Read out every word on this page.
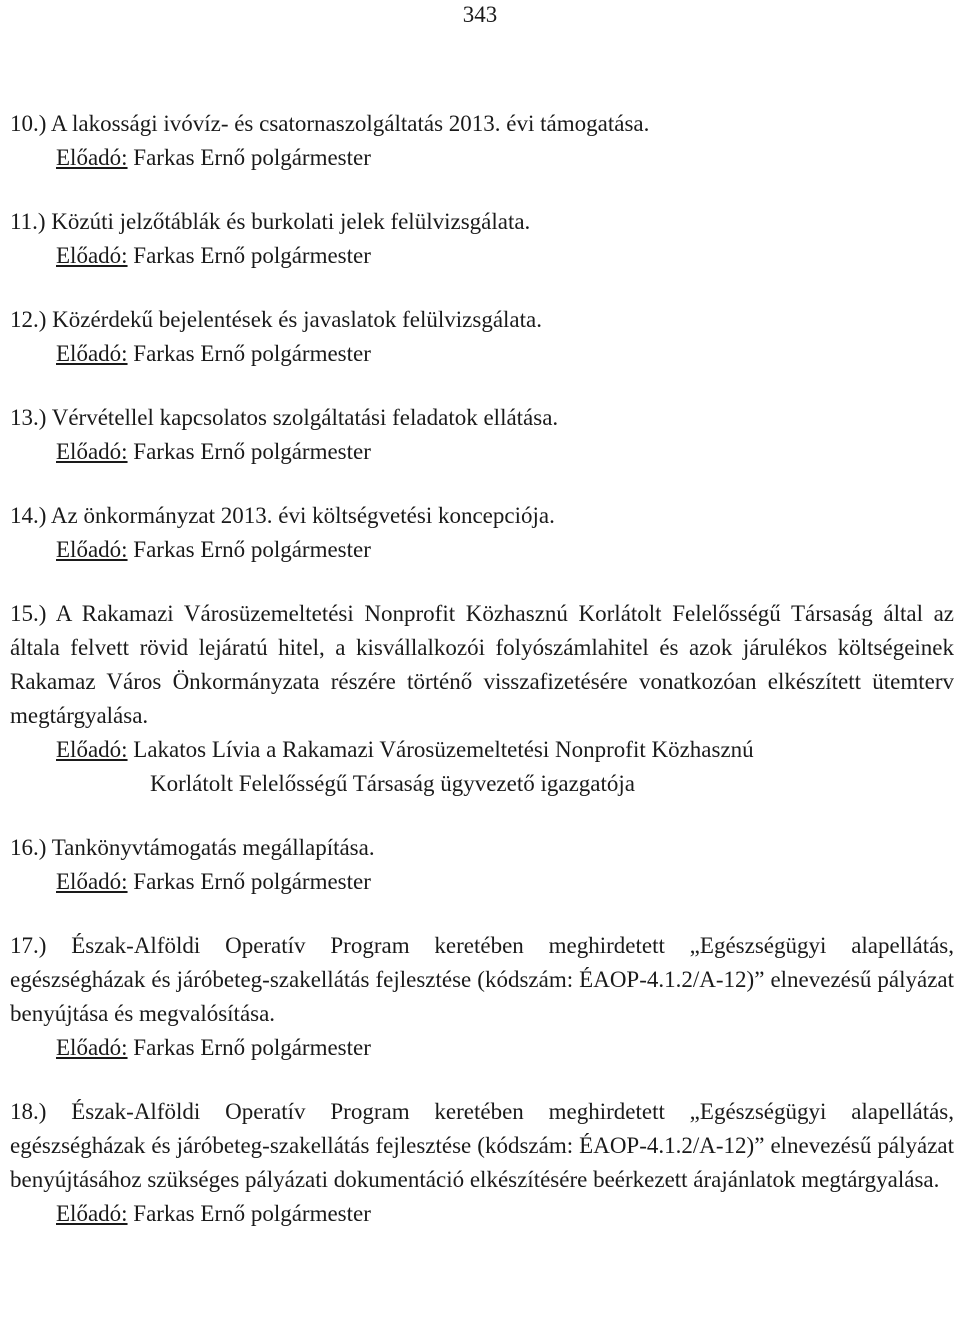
343
10.) A lakossági ivóvíz- és csatornaszolgáltatás 2013. évi támogatása.
Előadó: Farkas Ernő polgármester
11.) Közúti jelzőtáblák és burkolati jelek felülvizsgálata.
Előadó: Farkas Ernő polgármester
12.) Közérdekű bejelentések és javaslatok felülvizsgálata.
Előadó: Farkas Ernő polgármester
13.) Vérvétellel kapcsolatos szolgáltatási feladatok ellátása.
Előadó: Farkas Ernő polgármester
14.) Az önkormányzat 2013. évi költségvetési koncepciója.
Előadó: Farkas Ernő polgármester
15.) A Rakamazi Városüzemeltetési Nonprofit Közhasznú Korlátolt Felelősségű Társaság által az általa felvett rövid lejáratú hitel, a kisvállalkozói folyószámlahitel és azok járulékos költségeinek Rakamaz Város Önkormányzata részére történő visszafizetésére vonatkozóan elkészített ütemterv megtárgyalása.
Előadó: Lakatos Lívia a Rakamazi Városüzemeltetési Nonprofit Közhasznú
Korlátolt Felelősségű Társaság ügyvezető igazgatója
16.) Tankönyvtámogatás megállapítása.
Előadó: Farkas Ernő polgármester
17.) Észak-Alföldi Operatív Program keretében meghirdetett „Egészségügyi alapellátás, egészségházak és járóbeteg-szakellátás fejlesztése (kódszám: ÉAOP-4.1.2/A-12)” elnevezésű pályázat benyújtása és megvalósítása.
Előadó: Farkas Ernő polgármester
18.) Észak-Alföldi Operatív Program keretében meghirdetett „Egészségügyi alapellátás, egészségházak és járóbeteg-szakellátás fejlesztése (kódszám: ÉAOP-4.1.2/A-12)” elnevezésű pályázat benyújtásához szükséges pályázati dokumentáció elkészítésére beérkezett árajánlatok megtárgyalása.
Előadó: Farkas Ernő polgármester
